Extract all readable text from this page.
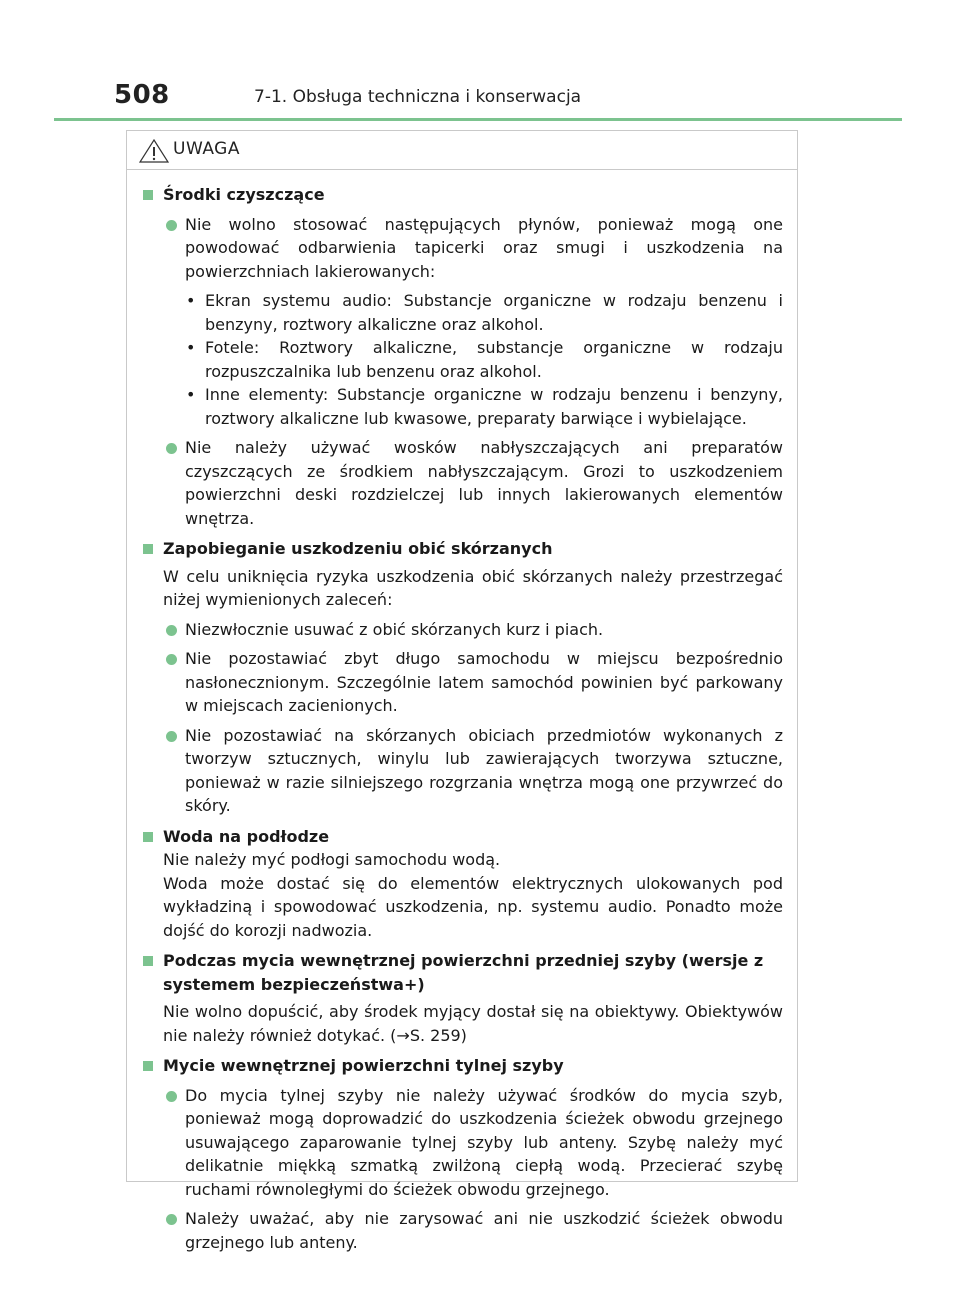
508	7-1. Obsługa techniczna i konserwacja
UWAGA
Środki czyszczące
Nie wolno stosować następujących płynów, ponieważ mogą one powodować odbarwienia tapicerki oraz smugi i uszkodzenia na powierzchniach lakierowanych:
• Ekran systemu audio: Substancje organiczne w rodzaju benzenu i benzyny, roztwory alkaliczne oraz alkohol.
• Fotele: Roztwory alkaliczne, substancje organiczne w rodzaju rozpuszczalnika lub benzenu oraz alkohol.
• Inne elementy: Substancje organiczne w rodzaju benzenu i benzyny, roztwory alkaliczne lub kwasowe, preparaty barwiące i wybielające.
Nie należy używać wosków nabłyszczających ani preparatów czyszczących ze środkiem nabłyszczającym. Grozi to uszkodzeniem powierzchni deski rozdzielczej lub innych lakierowanych elementów wnętrza.
Zapobieganie uszkodzeniu obić skórzanych
W celu uniknięcia ryzyka uszkodzenia obić skórzanych należy przestrzegać niżej wymienionych zaleceń:
Niezwłocznie usuwać z obić skórzanych kurz i piach.
Nie pozostawiać zbyt długo samochodu w miejscu bezpośrednio nasłonecznionym. Szczególnie latem samochód powinien być parkowany w miejscach zacienionych.
Nie pozostawiać na skórzanych obiciach przedmiotów wykonanych z tworzyw sztucznych, winylu lub zawierających tworzywa sztuczne, ponieważ w razie silniejszego rozgrzania wnętrza mogą one przywrzeć do skóry.
Woda na podłodze
Nie należy myć podłogi samochodu wodą.
Woda może dostać się do elementów elektrycznych ulokowanych pod wykładziną i spowodować uszkodzenia, np. systemu audio. Ponadto może dojść do korozji nadwozia.
Podczas mycia wewnętrznej powierzchni przedniej szyby (wersje z systemem bezpieczeństwa+)
Nie wolno dopuścić, aby środek myjący dostał się na obiektywy. Obiektywów nie należy również dotykać. (→S. 259)
Mycie wewnętrznej powierzchni tylnej szyby
Do mycia tylnej szyby nie należy używać środków do mycia szyb, ponieważ mogą doprowadzić do uszkodzenia ścieżek obwodu grzejnego usuwającego zaparowanie tylnej szyby lub anteny. Szybę należy myć delikatnie miękką szmatką zwilżoną ciepłą wodą. Przecierać szybę ruchami równoległymi do ścieżek obwodu grzejnego.
Należy uważać, aby nie zarysować ani nie uszkodzić ścieżek obwodu grzejnego lub anteny.
